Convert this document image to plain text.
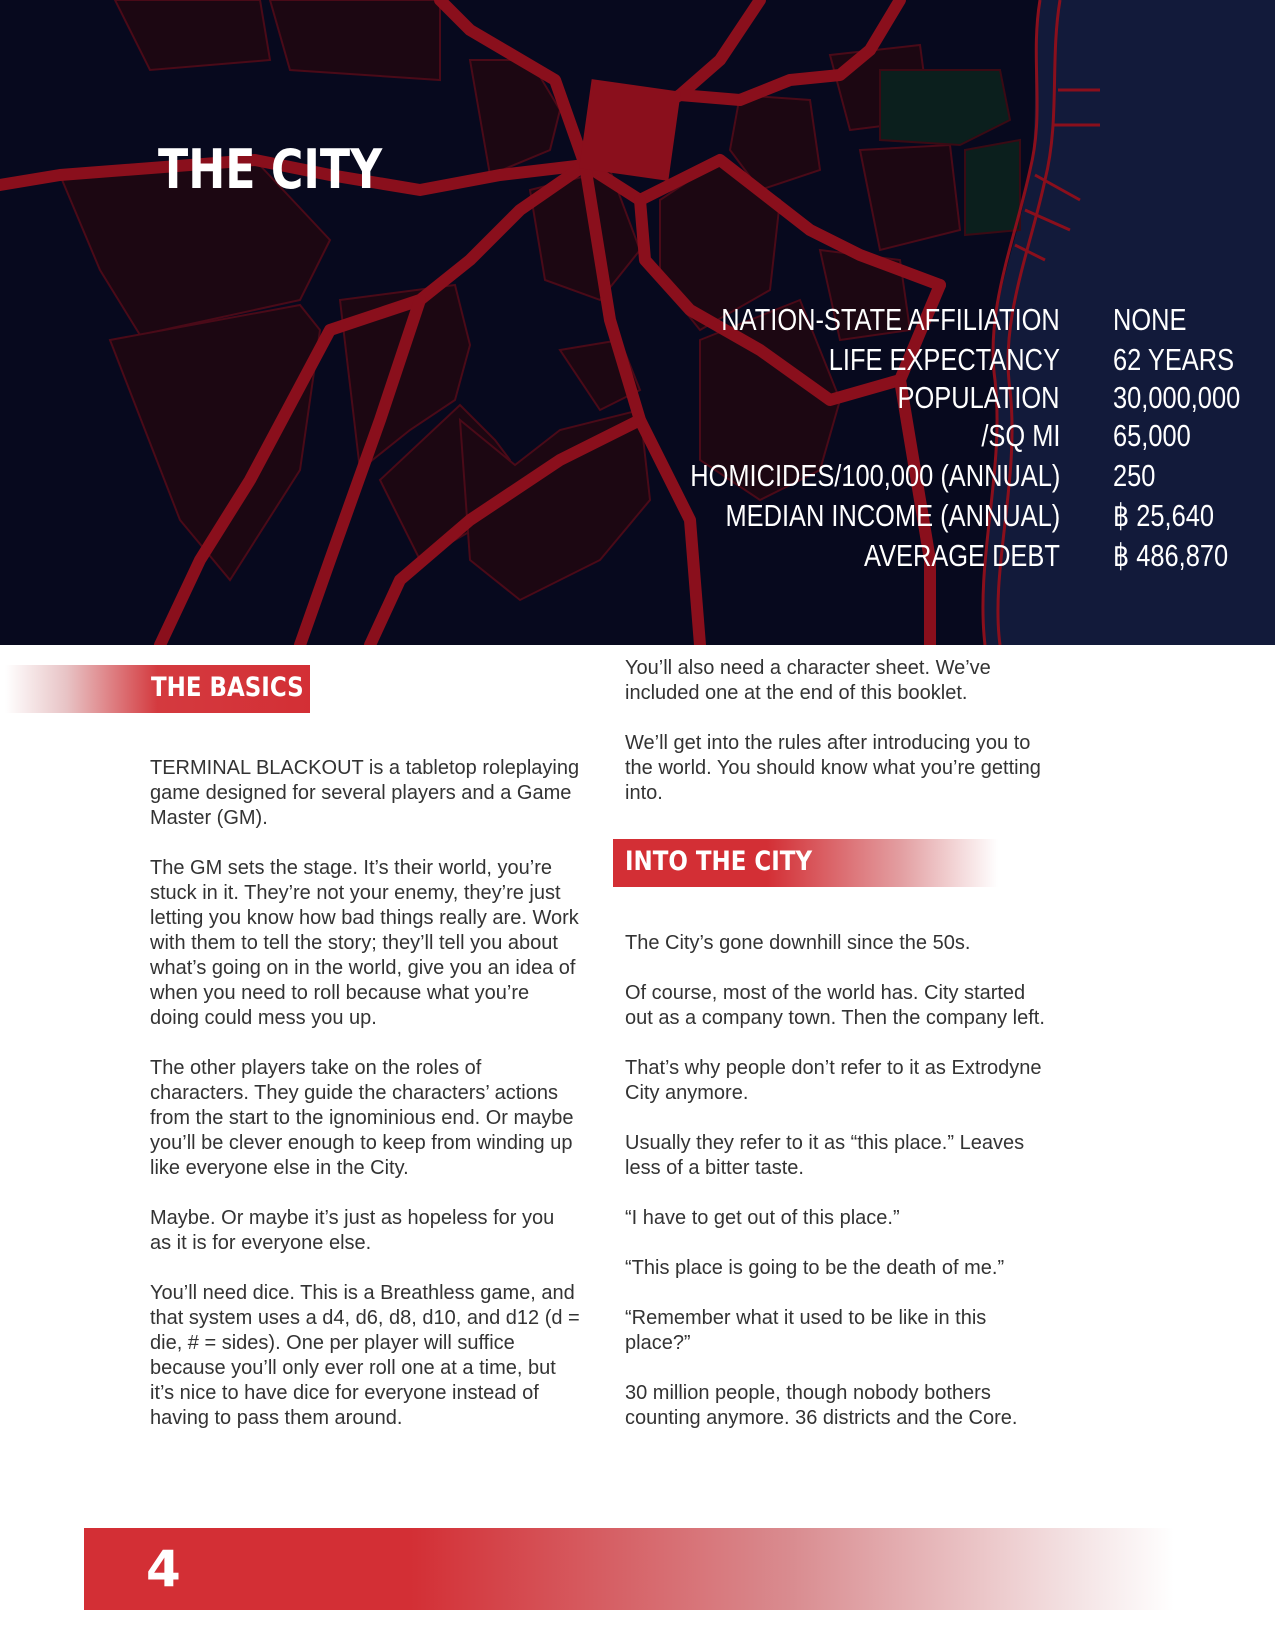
THE CITY
NATION-STATE AFFILIATION NONE
LIFE EXPECTANCY 62 YEARS
POPULATION 30,000,000
/SQ MI 65,000
HOMICIDES/100,000 (ANNUAL) 250
MEDIAN INCOME (ANNUAL) ฿ 25,640
AVERAGE DEBT ฿ 486,870
THE BASICS

TERMINAL BLACKOUT is a tabletop roleplaying game designed for several players and a Game Master (GM).

The GM sets the stage. It’s their world, you’re stuck in it. They’re not your enemy, they’re just letting you know how bad things really are. Work with them to tell the story; they’ll tell you about what’s going on in the world, give you an idea of when you need to roll because what you’re doing could mess you up.

The other players take on the roles of characters. They guide the characters’ actions from the start to the ignominious end. Or maybe you’ll be clever enough to keep from winding up like everyone else in the City.

Maybe. Or maybe it’s just as hopeless for you as it is for everyone else.

You’ll need dice. This is a Breathless game, and that system uses a d4, d6, d8, d10, and d12 (d = die, # = sides). One per player will suffice because you’ll only ever roll one at a time, but it’s nice to have dice for everyone instead of having to pass them around.

You’ll also need a character sheet. We’ve included one at the end of this booklet.

We’ll get into the rules after introducing you to the world. You should know what you’re getting into.

INTO THE CITY

The City’s gone downhill since the 50s.

Of course, most of the world has. City started out as a company town. Then the company left.

That’s why people don’t refer to it as Extrodyne City anymore.

Usually they refer to it as “this place.” Leaves less of a bitter taste.

“I have to get out of this place.”

“This place is going to be the death of me.”

“Remember what it used to be like in this place?”

30 million people, though nobody bothers counting anymore. 36 districts and the Core.

4
